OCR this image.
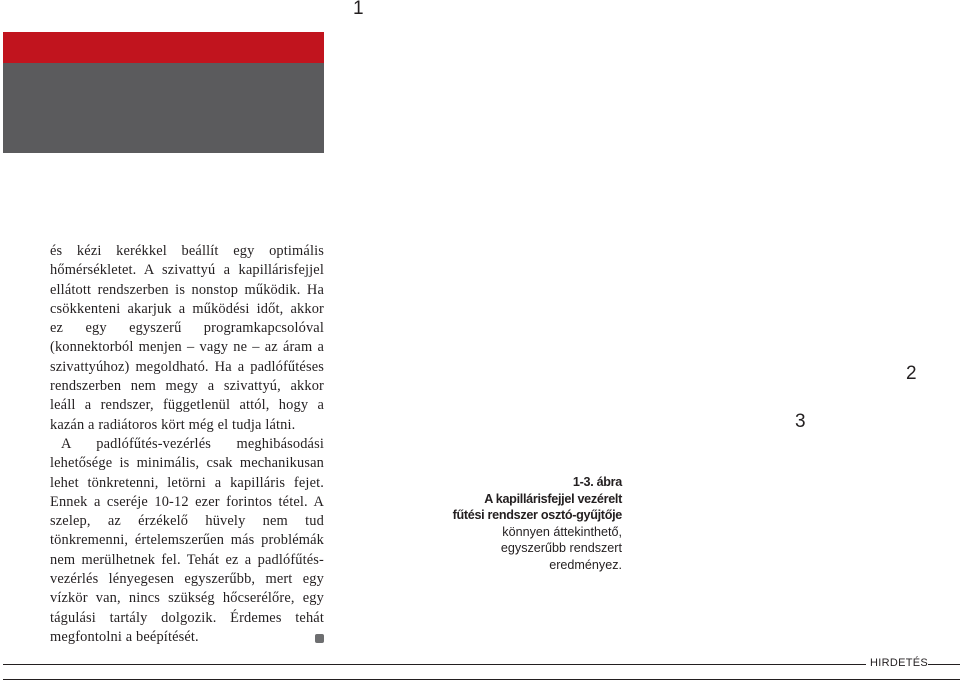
1
2
3

és kézi kerékkel beállít egy optimális hőmérsékletet. A szivattyú a kapillárisfejjel ellátott rendszerben is nonstop működik. Ha csökkenteni akarjuk a működési időt, akkor ez egy egyszerű programkapcsolóval (konnektorból menjen – vagy ne – az áram a szivattyúhoz) megoldható. Ha a padlófűtéses rendszerben nem megy a szivattyú, akkor leáll a rendszer, függetlenül attól, hogy a kazán a radiátoros kört még el tudja látni.

A padlófűtés-vezérlés meghibásodási lehetősége is minimális, csak mechanikusan lehet tönkretenni, letörni a kapilláris fejet. Ennek a cseréje 10-12 ezer forintos tétel. A szelep, az érzékelő hüvely nem tud tönkremenni, értelemszerűen más problémák nem merülhetnek fel. Tehát ez a padlófűtés-vezérlés lényegesen egyszerűbb, mert egy vízkör van, nincs szükség hőcserélőre, egy tágulási tartály dolgozik. Érdemes tehát megfontolni a beépítését.

1-3. ábra
A kapillárisfejjel vezérelt
fűtési rendszer osztó-gyűjtője
könnyen áttekinthető,
egyszerűbb rendszert
eredményez.
HIRDETÉS
